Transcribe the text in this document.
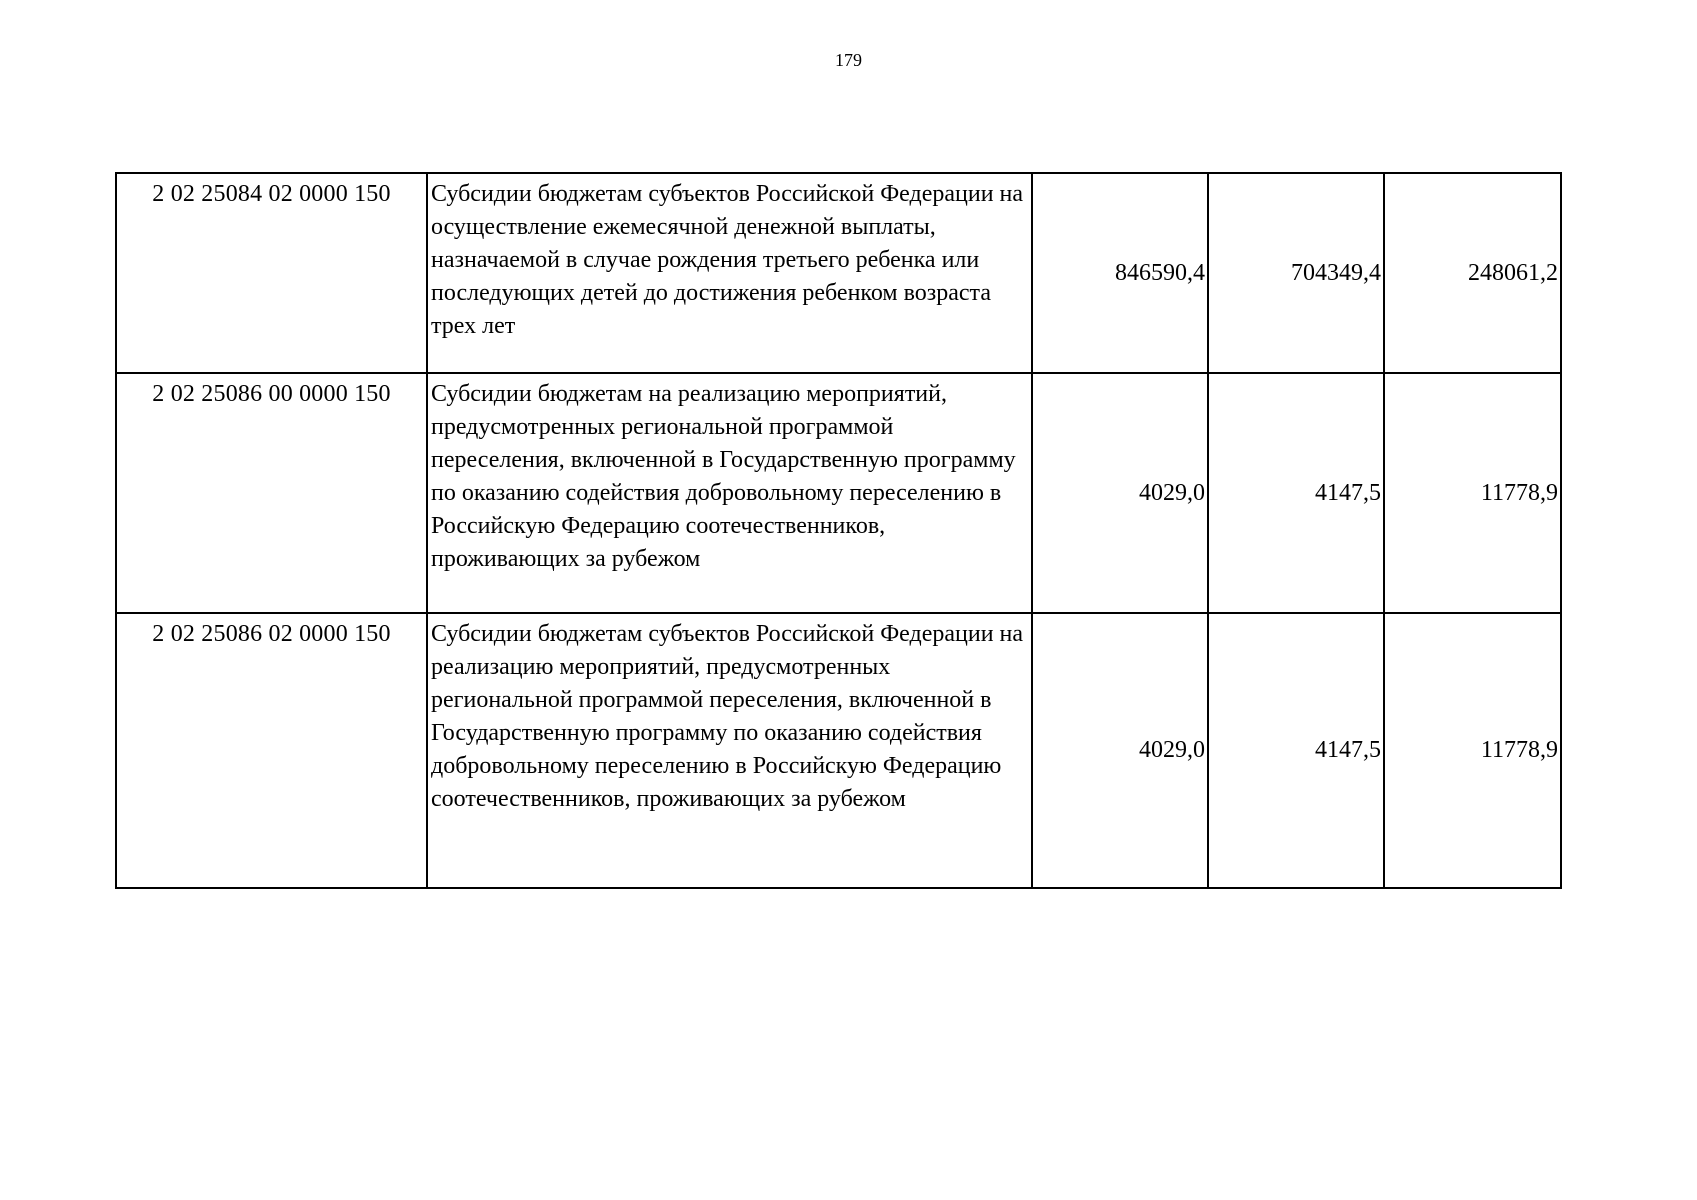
179
2 02 25084 02 0000 150	Субсидии бюджетам субъектов Российской Федерации на осуществление ежемесячной денежной выплаты, назначаемой в случае рождения третьего ребенка или последующих детей до достижения ребенком возраста трех лет	846590,4	704349,4	248061,2
2 02 25086 00 0000 150	Субсидии бюджетам на реализацию мероприятий, предусмотренных региональной программой переселения, включенной в Государственную программу по оказанию содействия добровольному переселению в Российскую Федерацию соотечественников, проживающих за рубежом	4029,0	4147,5	11778,9
2 02 25086 02 0000 150	Субсидии бюджетам субъектов Российской Федерации на реализацию мероприятий, предусмотренных региональной программой переселения, включенной в Государственную программу по оказанию содействия добровольному переселению в Российскую Федерацию соотечественников, проживающих за рубежом	4029,0	4147,5	11778,9
